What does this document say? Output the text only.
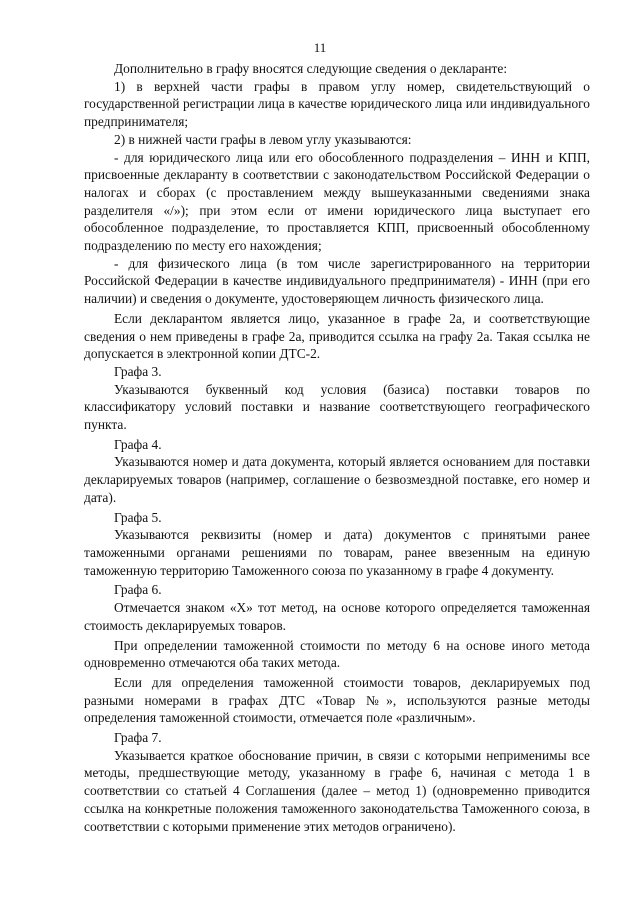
11

Дополнительно в графу вносятся следующие сведения о декларанте:

1) в верхней части графы в правом углу номер, свидетельствующий о государственной регистрации лица в качестве юридического лица или индивидуального предпринимателя;

2) в нижней части графы в левом углу указываются:

- для юридического лица или его обособленного подразделения – ИНН и КПП, присвоенные декларанту в соответствии с законодательством Российской Федерации о налогах и сборах (с проставлением между вышеуказанными сведениями знака разделителя «/»); при этом если от имени юридического лица выступает его обособленное подразделение, то проставляется КПП, присвоенный обособленному подразделению по месту его нахождения;

- для физического лица (в том числе зарегистрированного на территории Российской Федерации в качестве индивидуального предпринимателя) - ИНН (при его наличии) и сведения о документе, удостоверяющем личность физического лица.

Если декларантом является лицо, указанное в графе 2а, и соответствующие сведения о нем приведены в графе 2а, приводится ссылка на графу 2а. Такая ссылка не допускается в электронной копии ДТС-2.

Графа 3.

Указываются буквенный код условия (базиса) поставки товаров по классификатору условий поставки и название соответствующего географического пункта.

Графа 4.

Указываются номер и дата документа, который является основанием для поставки декларируемых товаров (например, соглашение о безвозмездной поставке, его номер и дата).

Графа 5.

Указываются реквизиты (номер и дата) документов с принятыми ранее таможенными органами решениями по товарам, ранее ввезенным на единую таможенную территорию Таможенного союза по указанному в графе 4 документу.

Графа 6.

Отмечается знаком «Х» тот метод, на основе которого определяется таможенная стоимость декларируемых товаров.

При определении таможенной стоимости по методу 6 на основе иного метода одновременно отмечаются оба таких метода.

Если для определения таможенной стоимости товаров, декларируемых под разными номерами в графах ДТС «Товар №», используются разные методы определения таможенной стоимости, отмечается поле «различным».

Графа 7.

Указывается краткое обоснование причин, в связи с которыми неприменимы все методы, предшествующие методу, указанному в графе 6, начиная с метода 1 в соответствии со статьей 4 Соглашения (далее – метод 1) (одновременно приводится ссылка на конкретные положения таможенного законодательства Таможенного союза, в соответствии с которыми применение этих методов ограничено).
